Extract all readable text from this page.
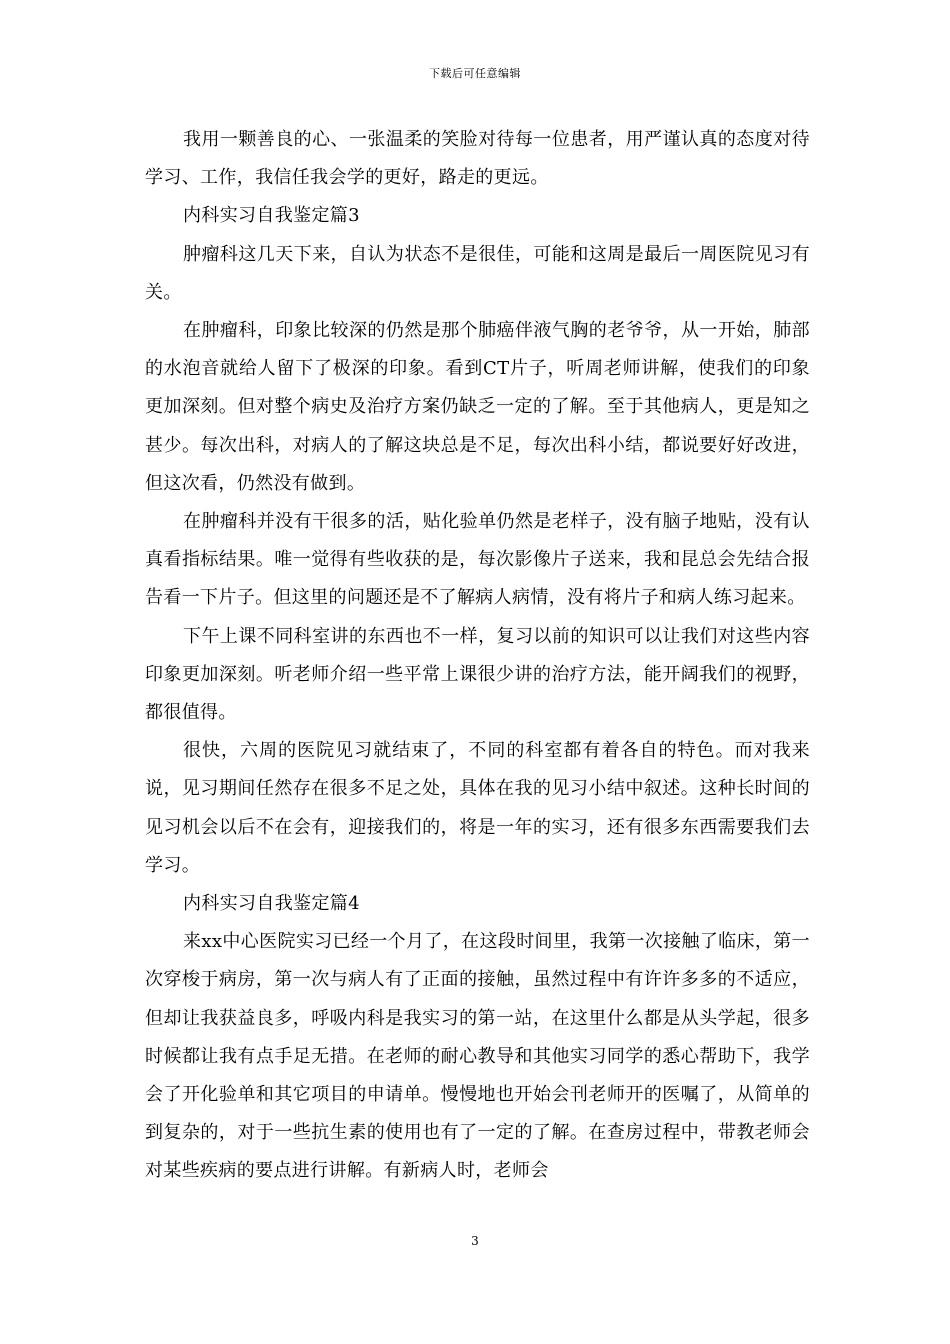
下载后可任意编辑

我用一颗善良的心、一张温柔的笑脸对待每一位患者，用严谨认真的态度对待学习、工作，我信任我会学的更好，路走的更远。

内科实习自我鉴定篇3

肿瘤科这几天下来，自认为状态不是很佳，可能和这周是最后一周医院见习有关。

在肿瘤科，印象比较深的仍然是那个肺癌伴液气胸的老爷爷，从一开始，肺部的水泡音就给人留下了极深的印象。看到CT片子，听周老师讲解，使我们的印象更加深刻。但对整个病史及治疗方案仍缺乏一定的了解。至于其他病人，更是知之甚少。每次出科，对病人的了解这块总是不足，每次出科小结，都说要好好改进，但这次看，仍然没有做到。

在肿瘤科并没有干很多的活，贴化验单仍然是老样子，没有脑子地贴，没有认真看指标结果。唯一觉得有些收获的是，每次影像片子送来，我和昆总会先结合报告看一下片子。但这里的问题还是不了解病人病情，没有将片子和病人练习起来。

下午上课不同科室讲的东西也不一样，复习以前的知识可以让我们对这些内容印象更加深刻。听老师介绍一些平常上课很少讲的治疗方法，能开阔我们的视野，都很值得。

很快，六周的医院见习就结束了，不同的科室都有着各自的特色。而对我来说，见习期间任然存在很多不足之处，具体在我的见习小结中叙述。这种长时间的见习机会以后不在会有，迎接我们的，将是一年的实习，还有很多东西需要我们去学习。

内科实习自我鉴定篇4

来xx中心医院实习已经一个月了，在这段时间里，我第一次接触了临床，第一次穿梭于病房，第一次与病人有了正面的接触，虽然过程中有许许多多的不适应，但却让我获益良多，呼吸内科是我实习的第一站，在这里什么都是从头学起，很多时候都让我有点手足无措。在老师的耐心教导和其他实习同学的悉心帮助下，我学会了开化验单和其它项目的申请单。慢慢地也开始会刊老师开的医嘱了，从简单的到复杂的，对于一些抗生素的使用也有了一定的了解。在查房过程中，带教老师会对某些疾病的要点进行讲解。有新病人时，老师会

3
